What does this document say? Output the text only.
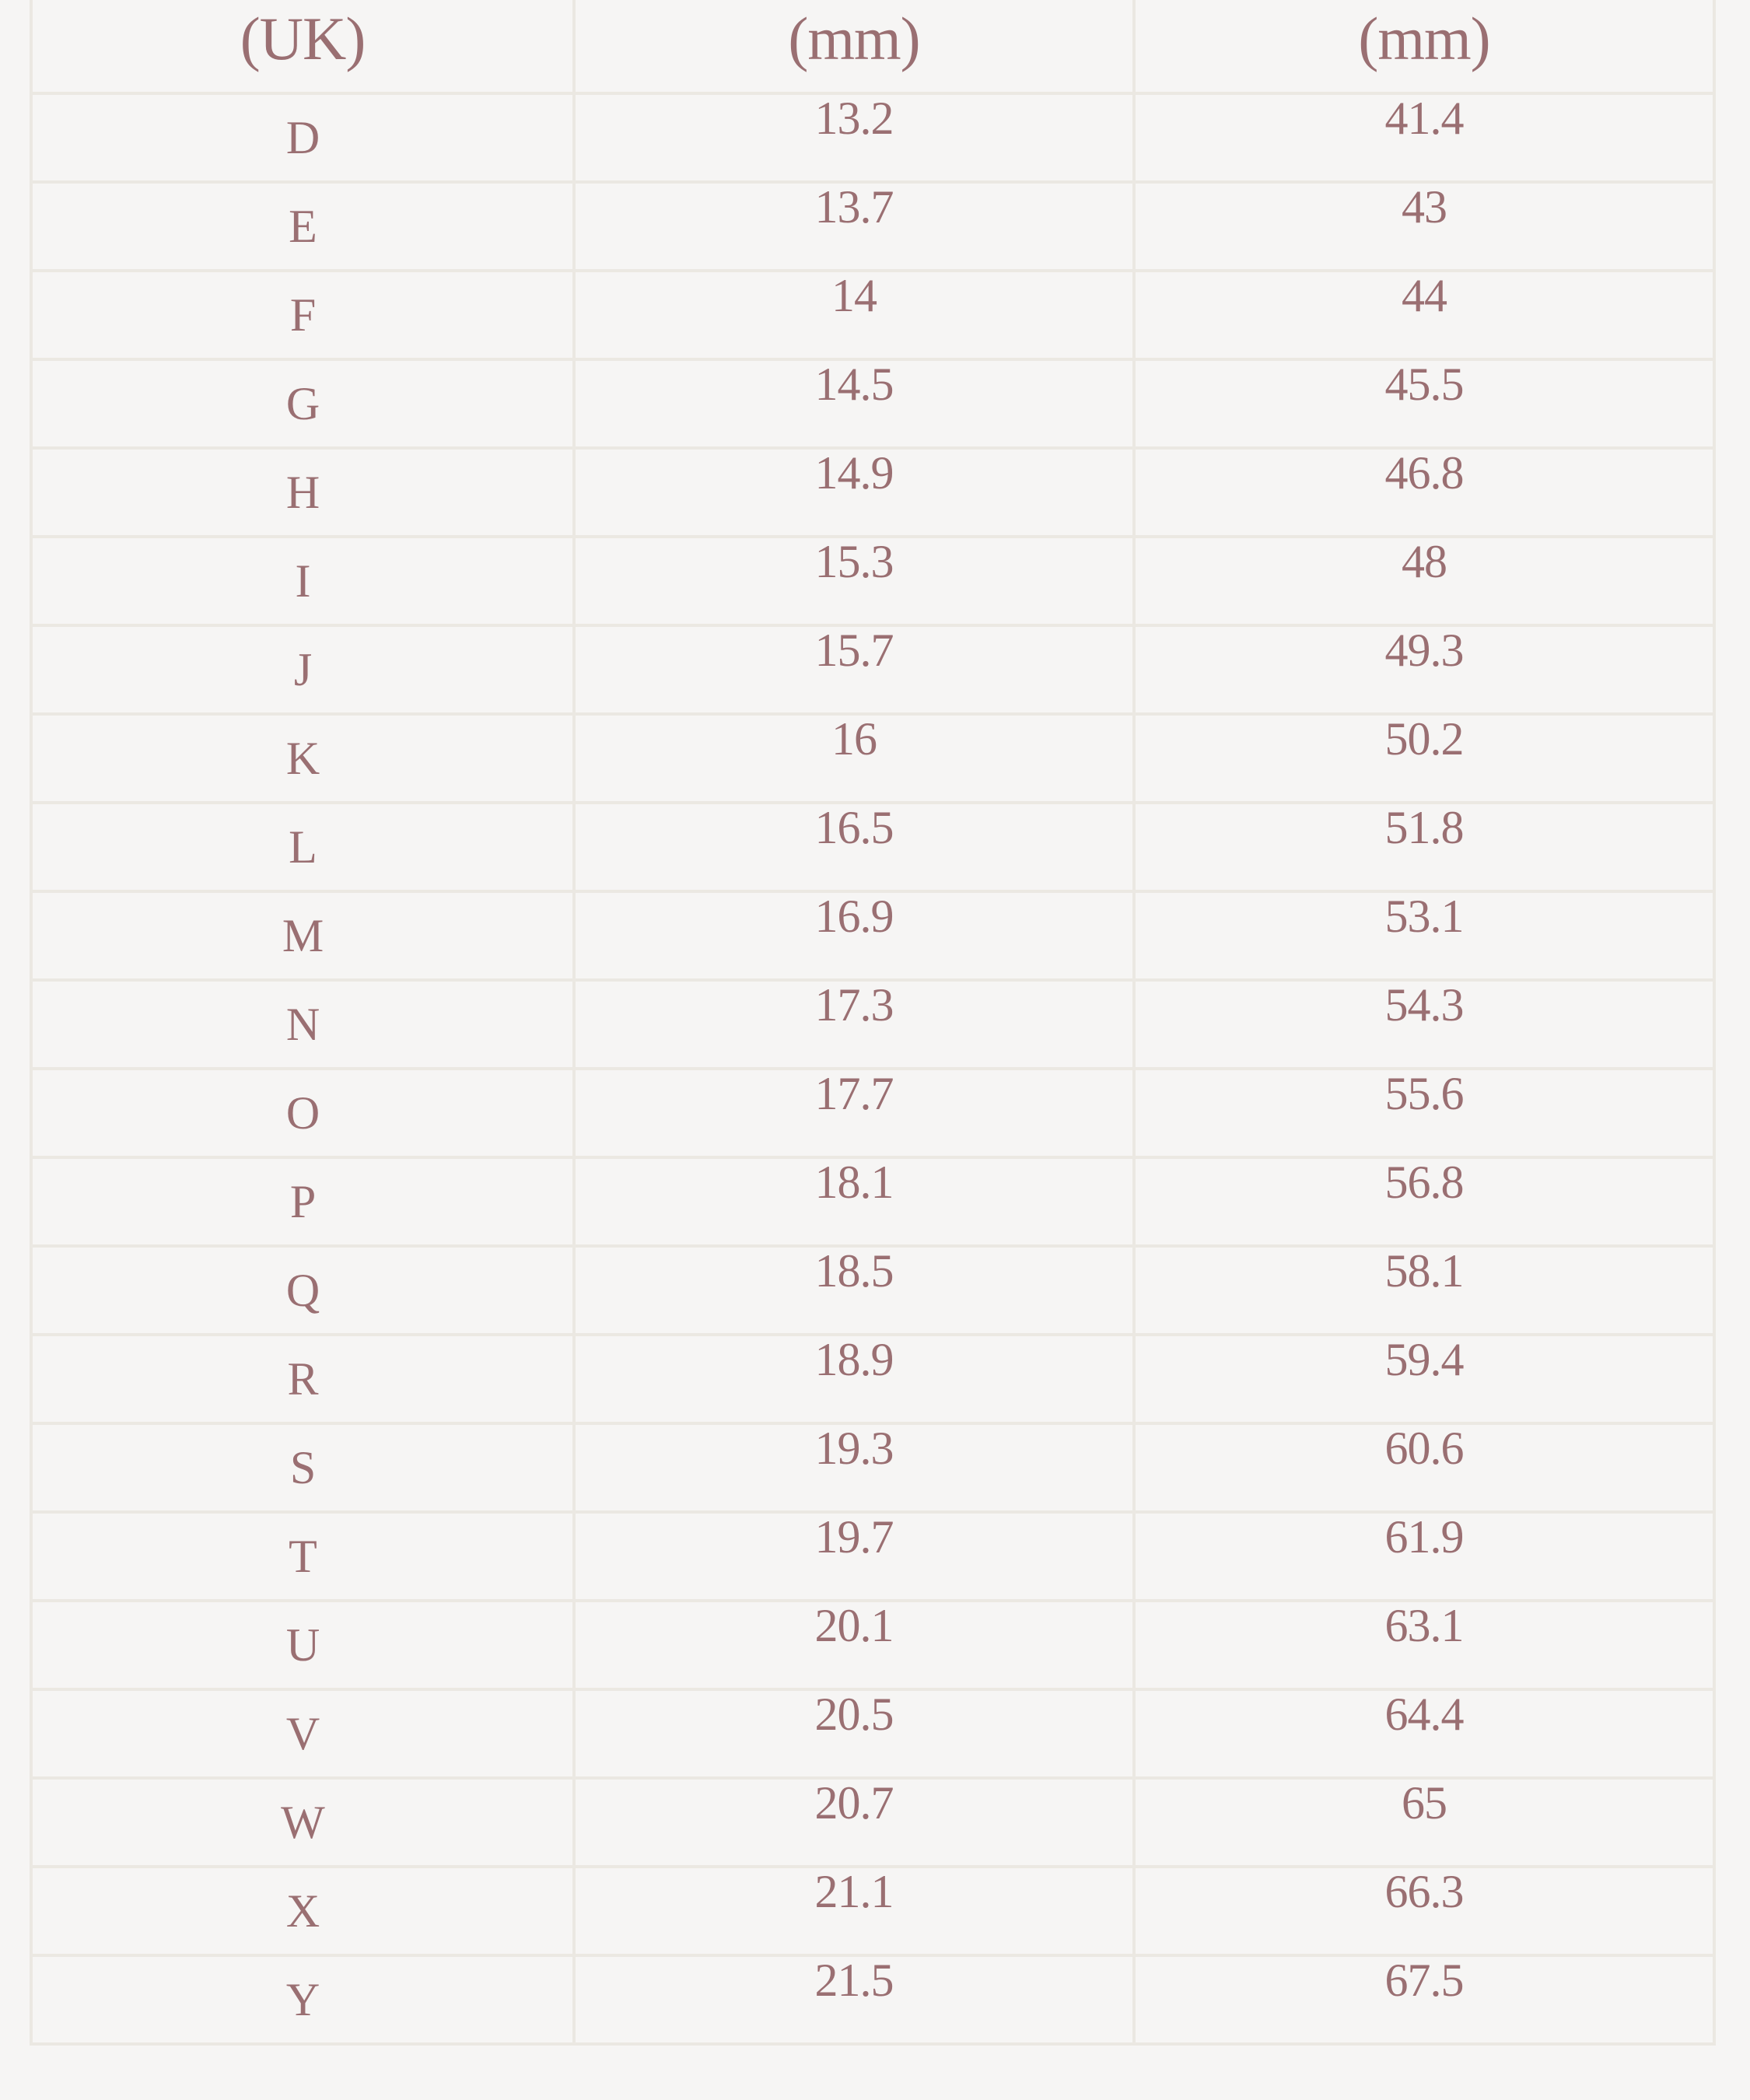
(UK)	(mm)	(mm)
D	13.2	41.4
E	13.7	43
F	14	44
G	14.5	45.5
H	14.9	46.8
I	15.3	48
J	15.7	49.3
K	16	50.2
L	16.5	51.8
M	16.9	53.1
N	17.3	54.3
O	17.7	55.6
P	18.1	56.8
Q	18.5	58.1
R	18.9	59.4
S	19.3	60.6
T	19.7	61.9
U	20.1	63.1
V	20.5	64.4
W	20.7	65
X	21.1	66.3
Y	21.5	67.5
